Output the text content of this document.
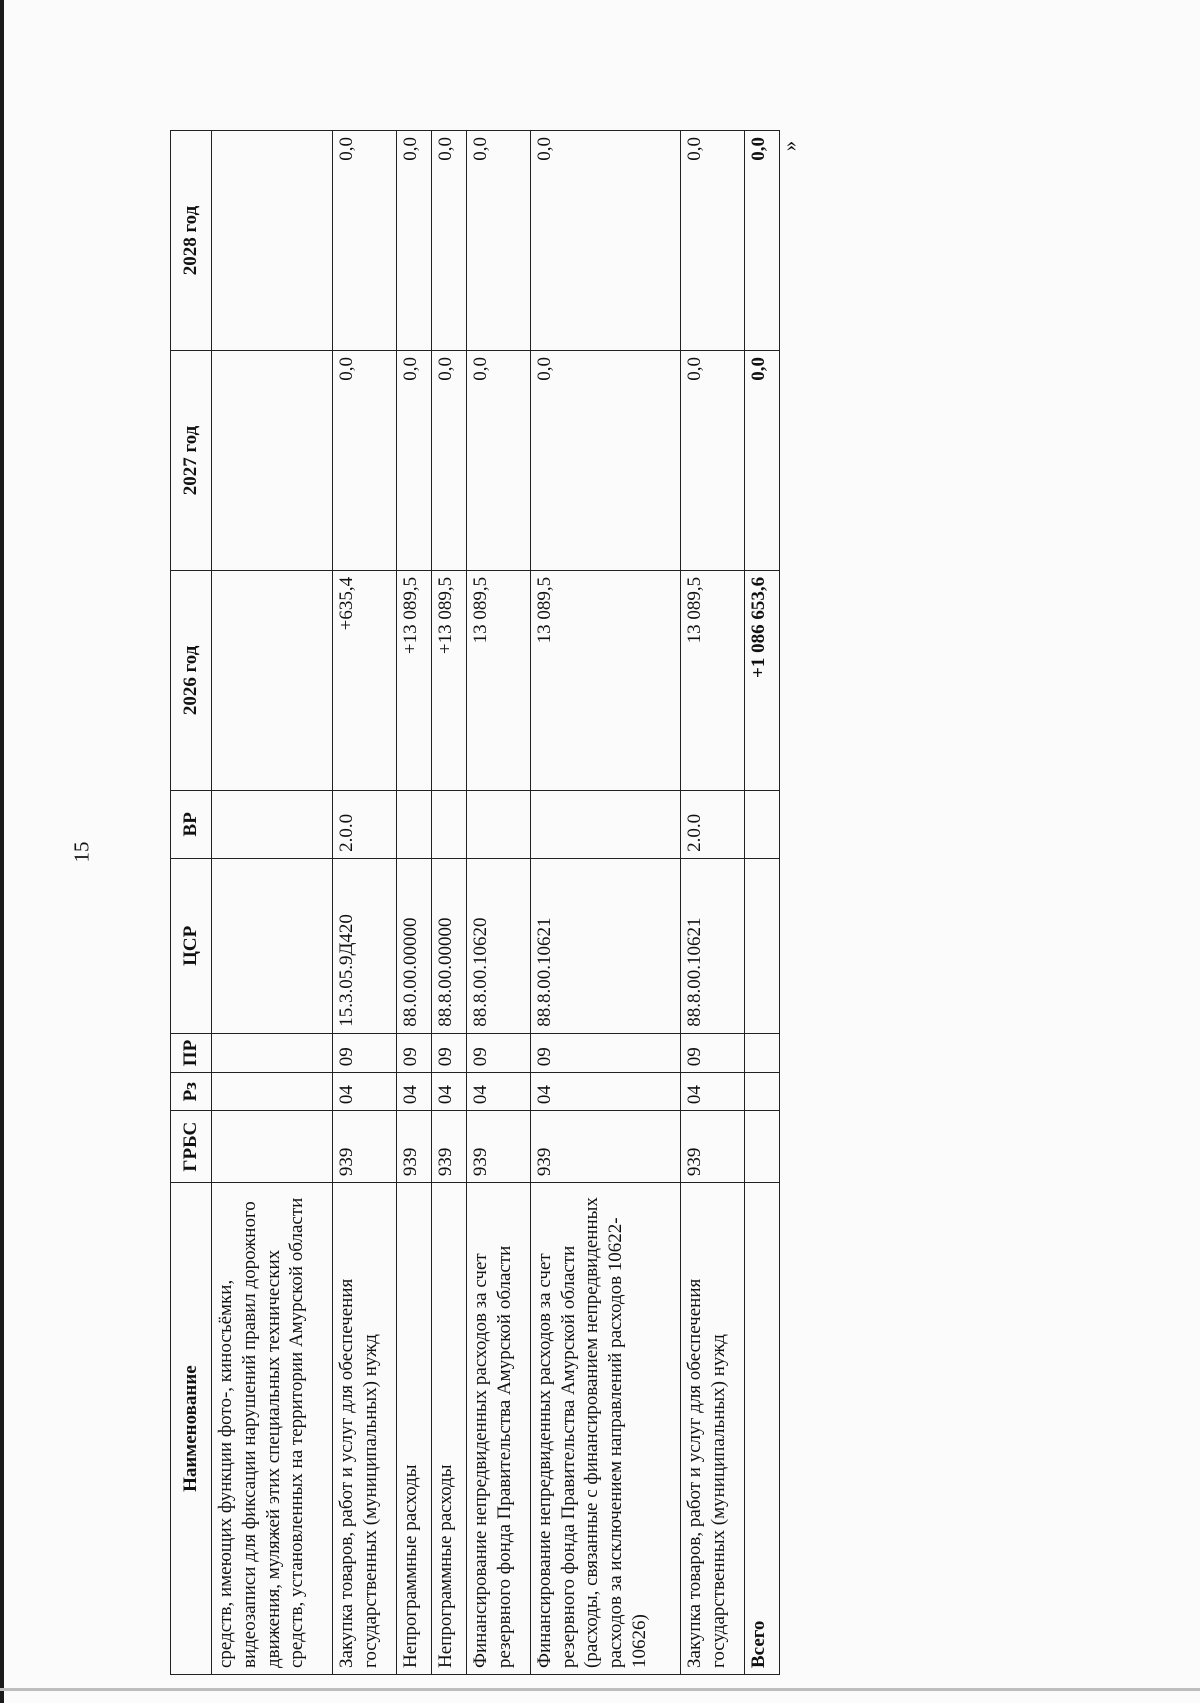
15
»
Наименование	ГРБС	Рз	ПР	ЦСР	ВР	2026 год	2027 год	2028 год
средств, имеющих функции фото-, киносъёмки, видеозаписи для фиксации нарушений правил дорожного движения, муляжей этих специальных технических средств, установленных на территории Амурской области								
Закупка товаров, работ и услуг для обеспечения государственных (муниципальных) нужд	939	04	09	15.3.05.9Д420	2.0.0	+635,4	0,0	0,0
Непрограммные расходы	939	04	09	88.0.00.00000		+13 089,5	0,0	0,0
Непрограммные расходы	939	04	09	88.8.00.00000		+13 089,5	0,0	0,0
Финансирование непредвиденных расходов за счет резервного фонда Правительства Амурской области	939	04	09	88.8.00.10620		13 089,5	0,0	0,0
Финансирование непредвиденных расходов за счет резервного фонда Правительства Амурской области (расходы, связанные с финансированием непредвиденных расходов за исключением направлений расходов 10622-10626)	939	04	09	88.8.00.10621		13 089,5	0,0	0,0
Закупка товаров, работ и услуг для обеспечения государственных (муниципальных) нужд	939	04	09	88.8.00.10621	2.0.0	13 089,5	0,0	0,0
Всего						+1 086 653,6	0,0	0,0
